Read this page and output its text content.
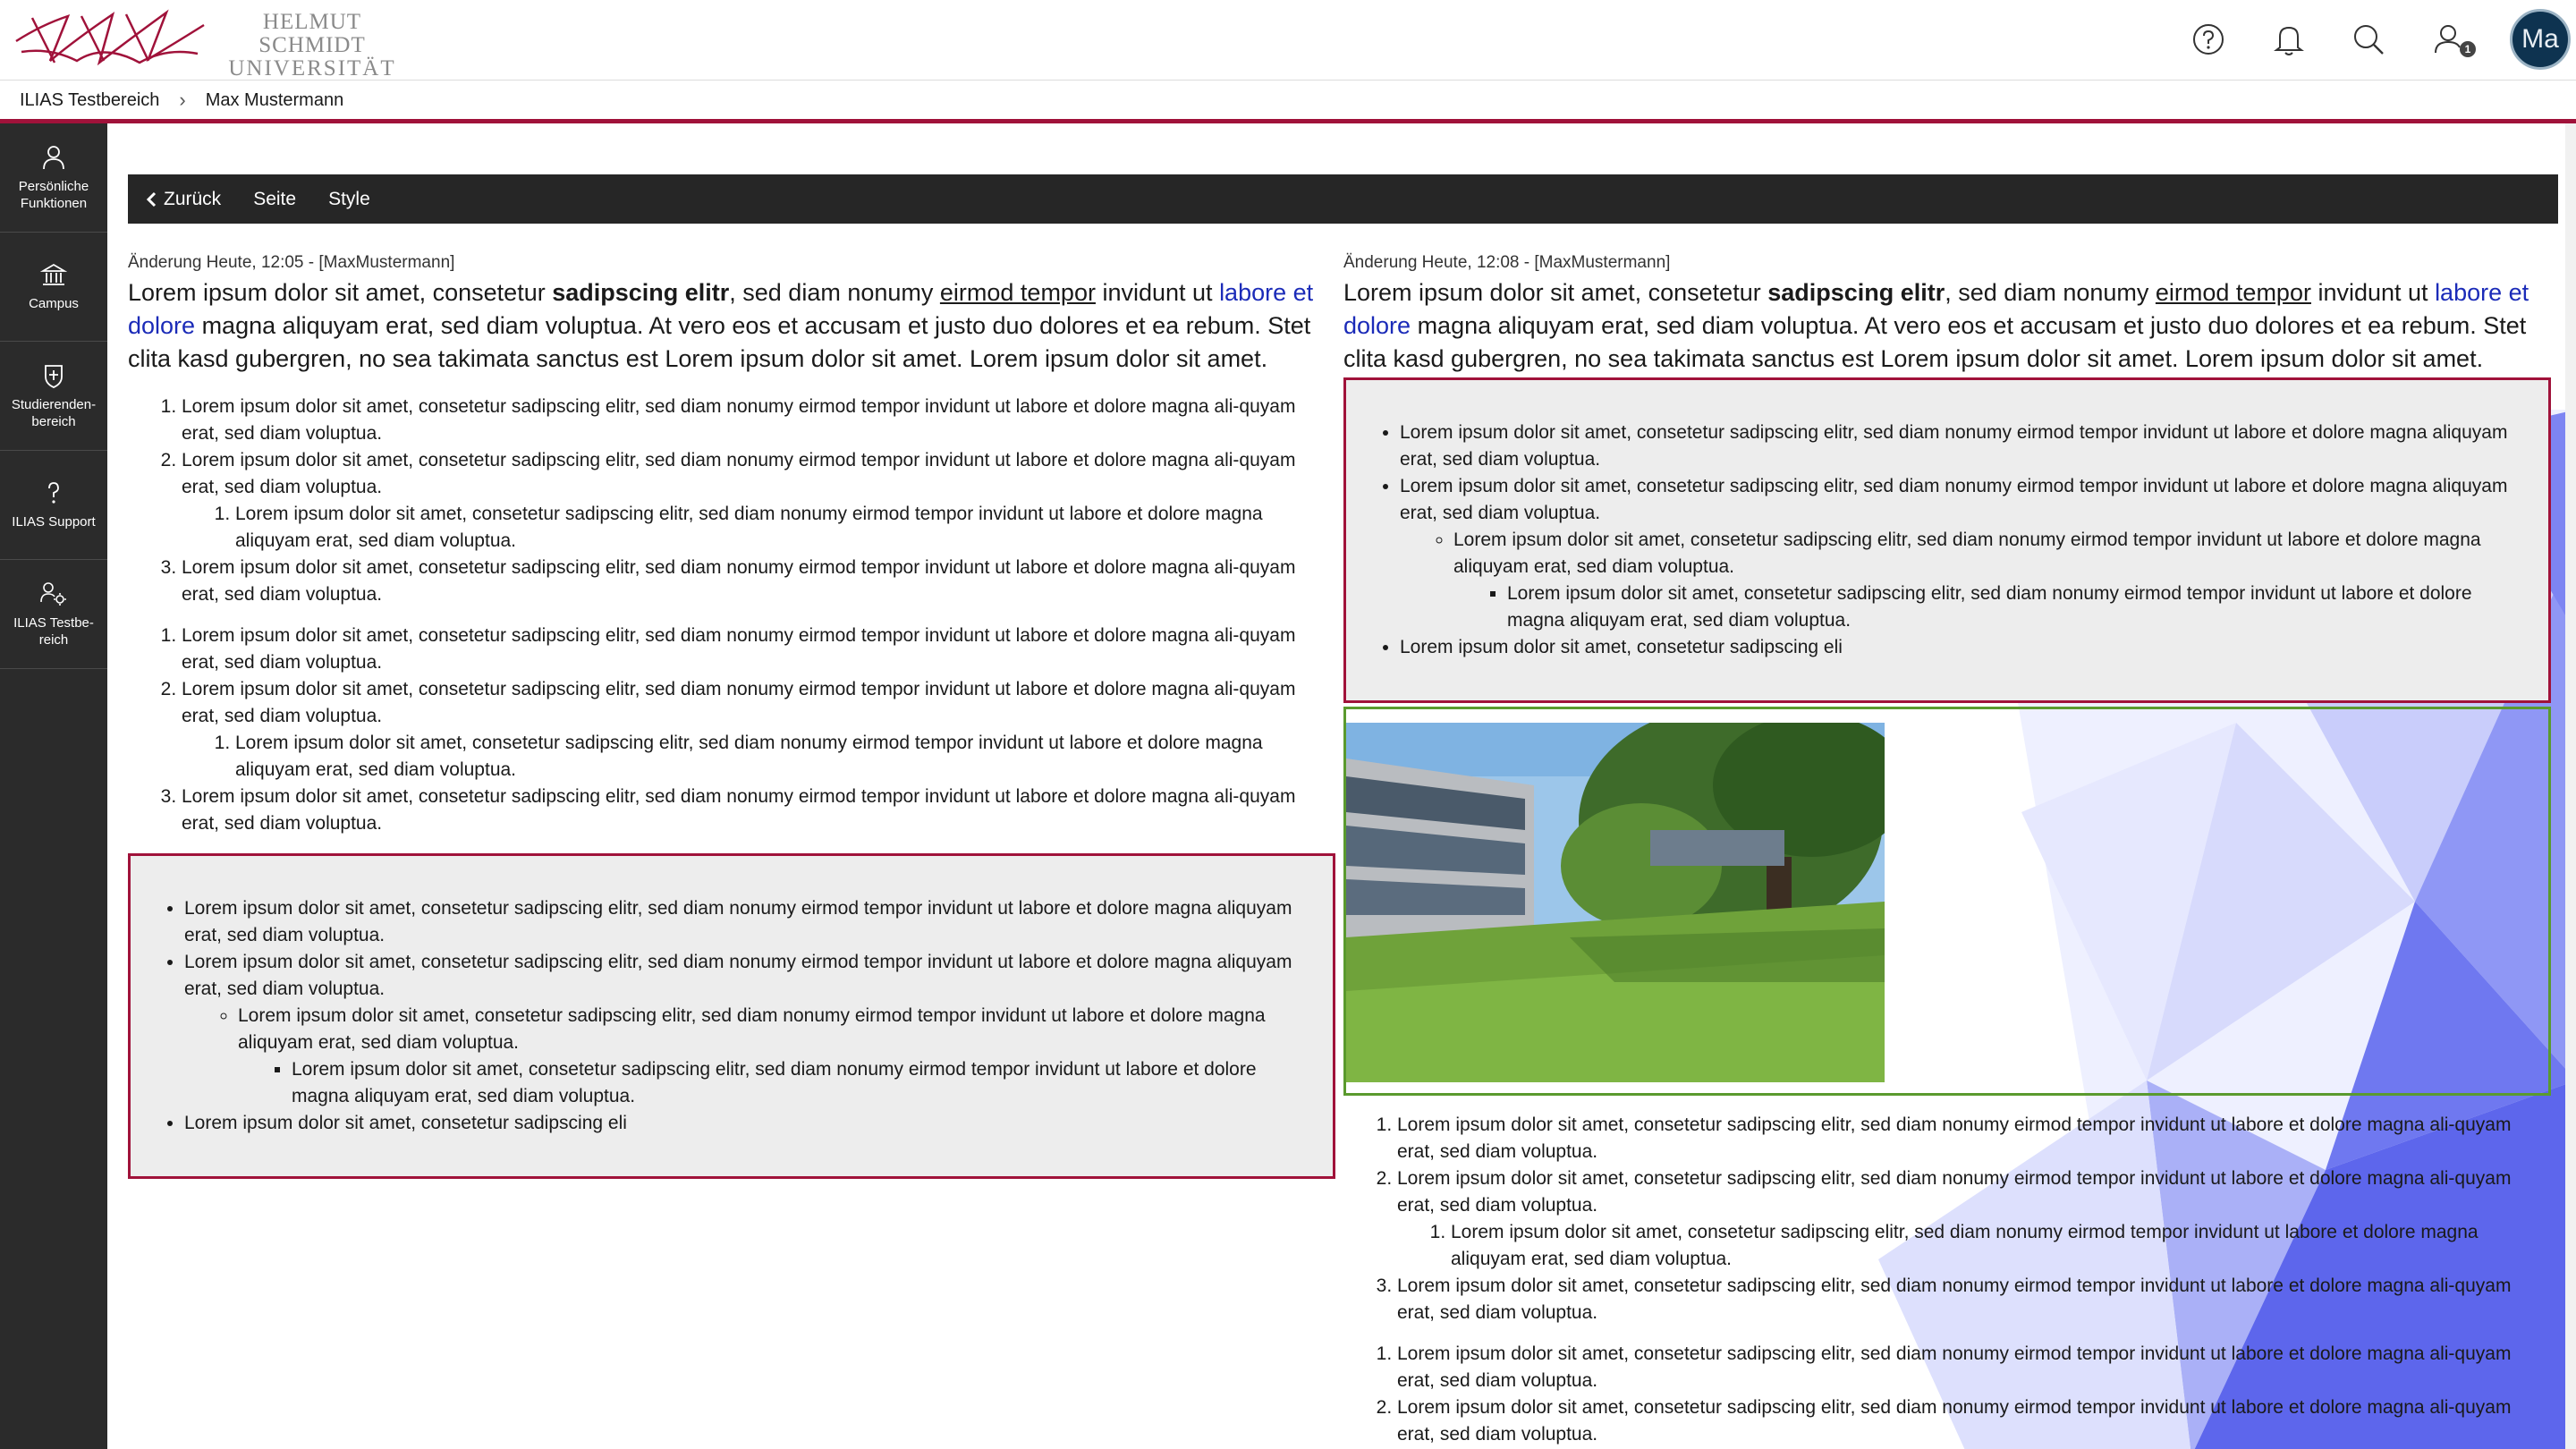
HELMUT SCHMIDT
UNIVERSITÄT
1	Ma
ILIAS Testbereich › Max Mustermann
Persönliche Funktionen
Campus
Studierenden-bereich
ILIAS Support
ILIAS Testbe-reich
Zurück Seite Style
Änderung Heute, 12:05 - [MaxMustermann]

Lorem ipsum dolor sit amet, consetetur sadipscing elitr, sed diam nonumy eirmod tempor invidunt ut labore et dolore magna aliquyam erat, sed diam voluptua. At vero eos et accusam et justo duo dolores et ea rebum. Stet clita kasd gubergren, no sea takimata sanctus est Lorem ipsum dolor sit amet. Lorem ipsum dolor sit amet.

1. Lorem ipsum dolor sit amet, consetetur sadipscing elitr, sed diam nonumy eirmod tempor invidunt ut labore et dolore magna ali-quyam erat, sed diam voluptua.
2. Lorem ipsum dolor sit amet, consetetur sadipscing elitr, sed diam nonumy eirmod tempor invidunt ut labore et dolore magna ali-quyam erat, sed diam voluptua.
1. Lorem ipsum dolor sit amet, consetetur sadipscing elitr, sed diam nonumy eirmod tempor invidunt ut labore et dolore magna aliquyam erat, sed diam voluptua.
3. Lorem ipsum dolor sit amet, consetetur sadipscing elitr, sed diam nonumy eirmod tempor invidunt ut labore et dolore magna ali-quyam erat, sed diam voluptua.
1. Lorem ipsum dolor sit amet, consetetur sadipscing elitr, sed diam nonumy eirmod tempor invidunt ut labore et dolore magna ali-quyam erat, sed diam voluptua.
2. Lorem ipsum dolor sit amet, consetetur sadipscing elitr, sed diam nonumy eirmod tempor invidunt ut labore et dolore magna ali-quyam erat, sed diam voluptua.
1. Lorem ipsum dolor sit amet, consetetur sadipscing elitr, sed diam nonumy eirmod tempor invidunt ut labore et dolore magna aliquyam erat, sed diam voluptua.
3. Lorem ipsum dolor sit amet, consetetur sadipscing elitr, sed diam nonumy eirmod tempor invidunt ut labore et dolore magna ali-quyam erat, sed diam voluptua.
• Lorem ipsum dolor sit amet, consetetur sadipscing elitr, sed diam nonumy eirmod tempor invidunt ut labore et dolore magna aliquyam erat, sed diam voluptua.
• Lorem ipsum dolor sit amet, consetetur sadipscing elitr, sed diam nonumy eirmod tempor invidunt ut labore et dolore magna aliquyam erat, sed diam voluptua.
◦ Lorem ipsum dolor sit amet, consetetur sadipscing elitr, sed diam nonumy eirmod tempor invidunt ut labore et dolore magna aliquyam erat, sed diam voluptua.
▪ Lorem ipsum dolor sit amet, consetetur sadipscing elitr, sed diam nonumy eirmod tempor invidunt ut labore et dolore magna aliquyam erat, sed diam voluptua.
• Lorem ipsum dolor sit amet, consetetur sadipscing eli
Änderung Heute, 12:08 - [MaxMustermann]

Lorem ipsum dolor sit amet, consetetur sadipscing elitr, sed diam nonumy eirmod tempor invidunt ut labore et dolore magna aliquyam erat, sed diam voluptua. At vero eos et accusam et justo duo dolores et ea rebum. Stet clita kasd gubergren, no sea takimata sanctus est Lorem ipsum dolor sit amet. Lorem ipsum dolor sit amet.

• Lorem ipsum dolor sit amet, consetetur sadipscing elitr, sed diam nonumy eirmod tempor invidunt ut labore et dolore magna aliquyam erat, sed diam voluptua.
• Lorem ipsum dolor sit amet, consetetur sadipscing elitr, sed diam nonumy eirmod tempor invidunt ut labore et dolore magna aliquyam erat, sed diam voluptua.
◦ Lorem ipsum dolor sit amet, consetetur sadipscing elitr, sed diam nonumy eirmod tempor invidunt ut labore et dolore magna aliquyam erat, sed diam voluptua.
▪ Lorem ipsum dolor sit amet, consetetur sadipscing elitr, sed diam nonumy eirmod tempor invidunt ut labore et dolore magna aliquyam erat, sed diam voluptua.
• Lorem ipsum dolor sit amet, consetetur sadipscing eli
1. Lorem ipsum dolor sit amet, consetetur sadipscing elitr, sed diam nonumy eirmod tempor invidunt ut labore et dolore magna ali-quyam erat, sed diam voluptua.
2. Lorem ipsum dolor sit amet, consetetur sadipscing elitr, sed diam nonumy eirmod tempor invidunt ut labore et dolore magna ali-quyam erat, sed diam voluptua.
1. Lorem ipsum dolor sit amet, consetetur sadipscing elitr, sed diam nonumy eirmod tempor invidunt ut labore et dolore magna aliquyam erat, sed diam voluptua.
3. Lorem ipsum dolor sit amet, consetetur sadipscing elitr, sed diam nonumy eirmod tempor invidunt ut labore et dolore magna ali-quyam erat, sed diam voluptua.
1. Lorem ipsum dolor sit amet, consetetur sadipscing elitr, sed diam nonumy eirmod tempor invidunt ut labore et dolore magna ali-quyam erat, sed diam voluptua.
2. Lorem ipsum dolor sit amet, consetetur sadipscing elitr, sed diam nonumy eirmod tempor invidunt ut labore et dolore magna ali-quyam erat, sed diam voluptua.
